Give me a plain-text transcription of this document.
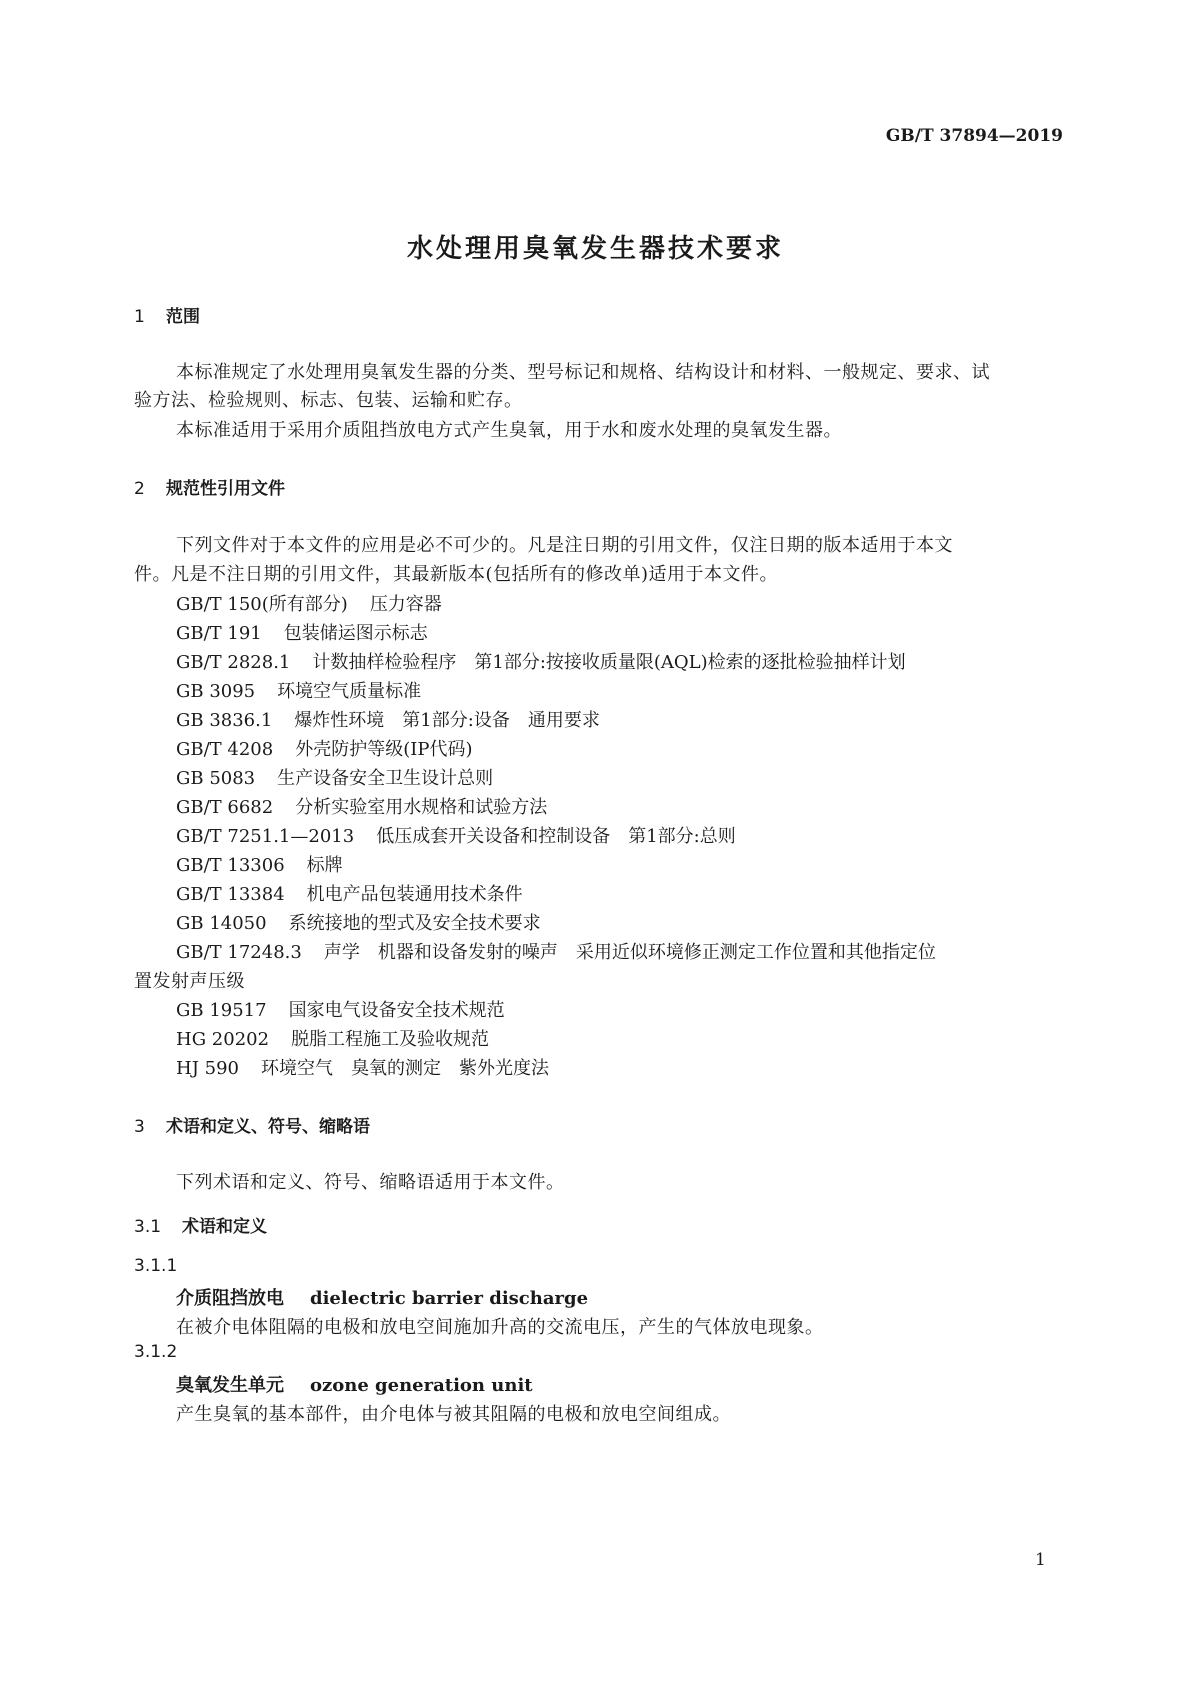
GB/T 37894—2019
水处理用臭氧发生器技术要求
1 范围
本标准规定了水处理用臭氧发生器的分类、型号标记和规格、结构设计和材料、一般规定、要求、试
验方法、检验规则、标志、包装、运输和贮存。
本标准适用于采用介质阻挡放电方式产生臭氧，用于水和废水处理的臭氧发生器。
2 规范性引用文件
下列文件对于本文件的应用是必不可少的。凡是注日期的引用文件，仅注日期的版本适用于本文
件。凡是不注日期的引用文件，其最新版本(包括所有的修改单)适用于本文件。
GB/T 150(所有部分) 压力容器
GB/T 191 包装储运图示标志
GB/T 2828.1 计数抽样检验程序　第1部分:按接收质量限(AQL)检索的逐批检验抽样计划
GB 3095 环境空气质量标准
GB 3836.1 爆炸性环境　第1部分:设备　通用要求
GB/T 4208 外壳防护等级(IP代码)
GB 5083 生产设备安全卫生设计总则
GB/T 6682 分析实验室用水规格和试验方法
GB/T 7251.1—2013 低压成套开关设备和控制设备　第1部分:总则
GB/T 13306 标牌
GB/T 13384 机电产品包装通用技术条件
GB 14050 系统接地的型式及安全技术要求
GB/T 17248.3 声学　机器和设备发射的噪声　采用近似环境修正测定工作位置和其他指定位
置发射声压级
GB 19517 国家电气设备安全技术规范
HG 20202 脱脂工程施工及验收规范
HJ 590 环境空气　臭氧的测定　紫外光度法
3 术语和定义、符号、缩略语
下列术语和定义、符号、缩略语适用于本文件。
3.1 术语和定义
3.1.1
介质阻挡放电 dielectric barrier discharge
在被介电体阻隔的电极和放电空间施加升高的交流电压，产生的气体放电现象。
3.1.2
臭氧发生单元 ozone generation unit
产生臭氧的基本部件，由介电体与被其阻隔的电极和放电空间组成。
1
